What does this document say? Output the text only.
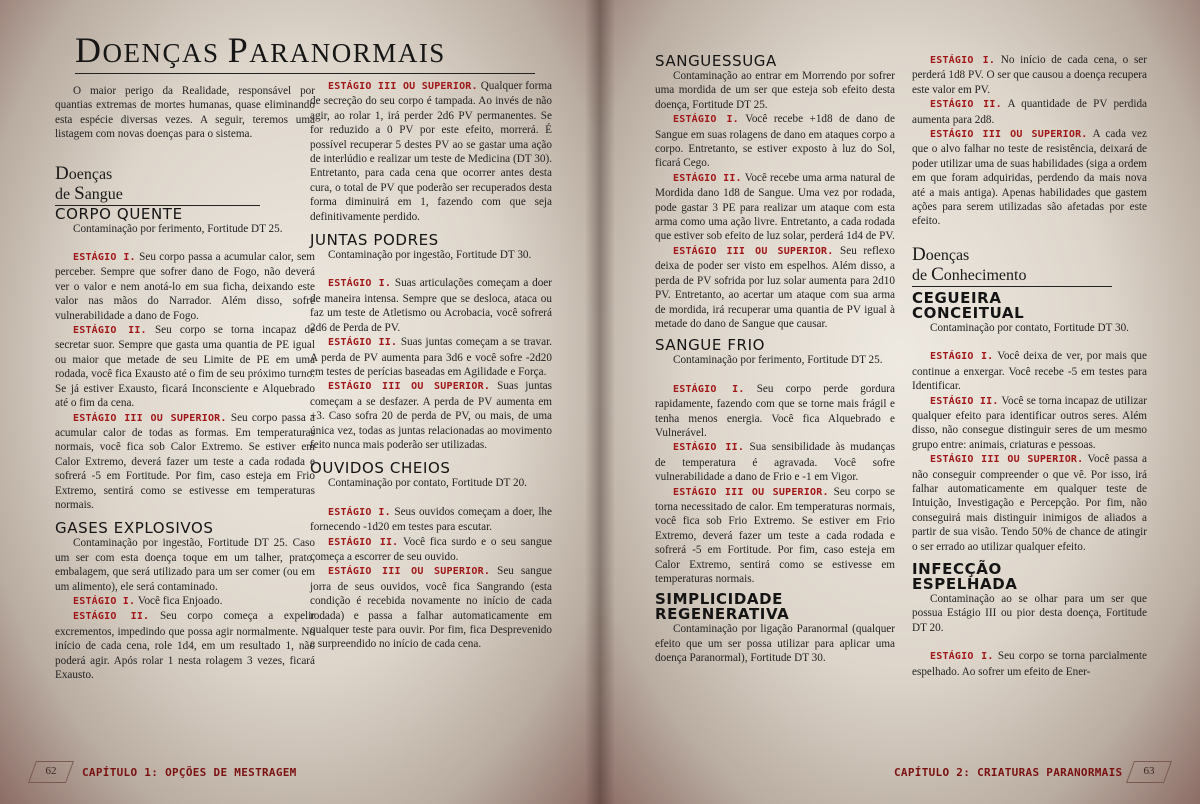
DOENÇAS PARANORMAIS

O maior perigo da Realidade, responsável por quantias extremas de mortes humanas, quase eliminando esta espécie diversas vezes. A seguir, teremos uma listagem com novas doenças para o sistema.

Doenças
de Sangue
CORPO QUENTE

Contaminação por ferimento, Fortitude DT 25.

ESTÁGIO I. Seu corpo passa a acumular calor, sem perceber. Sempre que sofrer dano de Fogo, não deverá ver o valor e nem anotá-lo em sua ficha, deixando este valor nas mãos do Narrador. Além disso, sofre vulnerabilidade a dano de Fogo.

ESTÁGIO II. Seu corpo se torna incapaz de secretar suor. Sempre que gasta uma quantia de PE igual ou maior que metade de seu Limite de PE em uma rodada, você fica Exausto até o fim de seu próximo turno. Se já estiver Exausto, ficará Inconsciente e Alquebrado até o fim da cena.

ESTÁGIO III OU SUPERIOR. Seu corpo passa a acumular calor de todas as formas. Em temperaturas normais, você fica sob Calor Extremo. Se estiver em Calor Extremo, deverá fazer um teste a cada rodada e sofrerá -5 em Fortitude. Por fim, caso esteja em Frio Extremo, sentirá como se estivesse em temperaturas normais.

GASES EXPLOSIVOS

Contaminação por ingestão, Fortitude DT 25. Caso um ser com esta doença toque em um talher, prato, embalagem, que será utilizado para um ser comer (ou em um alimento), ele será contaminado.

ESTÁGIO I. Você fica Enjoado.

ESTÁGIO II. Seu corpo começa a expelir excrementos, impedindo que possa agir normalmente. No início de cada cena, role 1d4, em um resultado 1, não poderá agir. Após rolar 1 nesta rolagem 3 vezes, ficará Exausto.

ESTÁGIO III OU SUPERIOR. Qualquer forma de secreção do seu corpo é tampada. Ao invés de não agir, ao rolar 1, irá perder 2d6 PV permanentes. Se for reduzido a 0 PV por este efeito, morrerá. É possível recuperar 5 destes PV ao se gastar uma ação de interlúdio e realizar um teste de Medicina (DT 30). Entretanto, para cada cena que ocorrer antes desta cura, o total de PV que poderão ser recuperados desta forma diminuirá em 1, fazendo com que seja definitivamente perdido.

JUNTAS PODRES

Contaminação por ingestão, Fortitude DT 30.

ESTÁGIO I. Suas articulações começam a doer de maneira intensa. Sempre que se desloca, ataca ou faz um teste de Atletismo ou Acrobacia, você sofrerá 2d6 de Perda de PV.

ESTÁGIO II. Suas juntas começam a se travar. A perda de PV aumenta para 3d6 e você sofre -2d20 em testes de perícias baseadas em Agilidade e Força.

ESTÁGIO III OU SUPERIOR. Suas juntas começam a se desfazer. A perda de PV aumenta em +3. Caso sofra 20 de perda de PV, ou mais, de uma única vez, todas as juntas relacionadas ao movimento feito nunca mais poderão ser utilizadas.

OUVIDOS CHEIOS

Contaminação por contato, Fortitude DT 20.

ESTÁGIO I. Seus ouvidos começam a doer, lhe fornecendo -1d20 em testes para escutar.

ESTÁGIO II. Você fica surdo e o seu sangue começa a escorrer de seu ouvido.

ESTÁGIO III OU SUPERIOR. Seu sangue jorra de seus ouvidos, você fica Sangrando (esta condição é recebida novamente no início de cada rodada) e passa a falhar automaticamente em qualquer teste para ouvir. Por fim, fica Desprevenido e surpreendido no início de cada cena.

SANGUESSUGA

Contaminação ao entrar em Morrendo por sofrer uma mordida de um ser que esteja sob efeito desta doença, Fortitude DT 25.

ESTÁGIO I. Você recebe +1d8 de dano de Sangue em suas rolagens de dano em ataques corpo a corpo. Entretanto, se estiver exposto à luz do Sol, ficará Cego.

ESTÁGIO II. Você recebe uma arma natural de Mordida dano 1d8 de Sangue. Uma vez por rodada, pode gastar 3 PE para realizar um ataque com esta arma como uma ação livre. Entretanto, a cada rodada que estiver sob efeito de luz solar, perderá 1d4 de PV.

ESTÁGIO III OU SUPERIOR. Seu reflexo deixa de poder ser visto em espelhos. Além disso, a perda de PV sofrida por luz solar aumenta para 2d10 PV. Entretanto, ao acertar um ataque com sua arma de mordida, irá recuperar uma quantia de PV igual à metade do dano de Sangue que causar.

SANGUE FRIO

Contaminação por ferimento, Fortitude DT 25.

ESTÁGIO I. Seu corpo perde gordura rapidamente, fazendo com que se torne mais frágil e tenha menos energia. Você fica Alquebrado e Vulnerável.

ESTÁGIO II. Sua sensibilidade às mudanças de temperatura é agravada. Você sofre vulnerabilidade a dano de Frio e -1 em Vigor.

ESTÁGIO III OU SUPERIOR. Seu corpo se torna necessitado de calor. Em temperaturas normais, você fica sob Frio Extremo. Se estiver em Frio Extremo, deverá fazer um teste a cada rodada e sofrerá -5 em Fortitude. Por fim, caso esteja em Calor Extremo, sentirá como se estivesse em temperaturas normais.

SIMPLICIDADE
REGENERATIVA

Contaminação por ligação Paranormal (qualquer efeito que um ser possa utilizar para aplicar uma doença Paranormal), Fortitude DT 30.

ESTÁGIO I. No início de cada cena, o ser perderá 1d8 PV. O ser que causou a doença recupera este valor em PV.

ESTÁGIO II. A quantidade de PV perdida aumenta para 2d8.

ESTÁGIO III OU SUPERIOR. A cada vez que o alvo falhar no teste de resistência, deixará de poder utilizar uma de suas habilidades (siga a ordem em que foram adquiridas, perdendo da mais nova até a mais antiga). Apenas habilidades que gastem ações para serem utilizadas são afetadas por este efeito.

Doenças
de Conhecimento
CEGUEIRA
CONCEITUAL

Contaminação por contato, Fortitude DT 30.

ESTÁGIO I. Você deixa de ver, por mais que continue a enxergar. Você recebe -5 em testes para Identificar.

ESTÁGIO II. Você se torna incapaz de utilizar qualquer efeito para identificar outros seres. Além disso, não consegue distinguir seres de um mesmo grupo entre: animais, criaturas e pessoas.

ESTÁGIO III OU SUPERIOR. Você passa a não conseguir compreender o que vê. Por isso, irá falhar automaticamente em qualquer teste de Intuição, Investigação e Percepção. Por fim, não conseguirá mais distinguir inimigos de aliados a partir de sua visão. Tendo 50% de chance de atingir o ser errado ao utilizar qualquer efeito.

INFECÇÃO
ESPELHADA

Contaminação ao se olhar para um ser que possua Estágio III ou pior desta doença, Fortitude DT 20.

ESTÁGIO I. Seu corpo se torna parcialmente espelhado. Ao sofrer um efeito de Ener-

62	CAPÍTULO 1: OPÇÕES DE MESTRAGEM	CAPÍTULO 2: CRIATURAS PARANORMAIS	63
